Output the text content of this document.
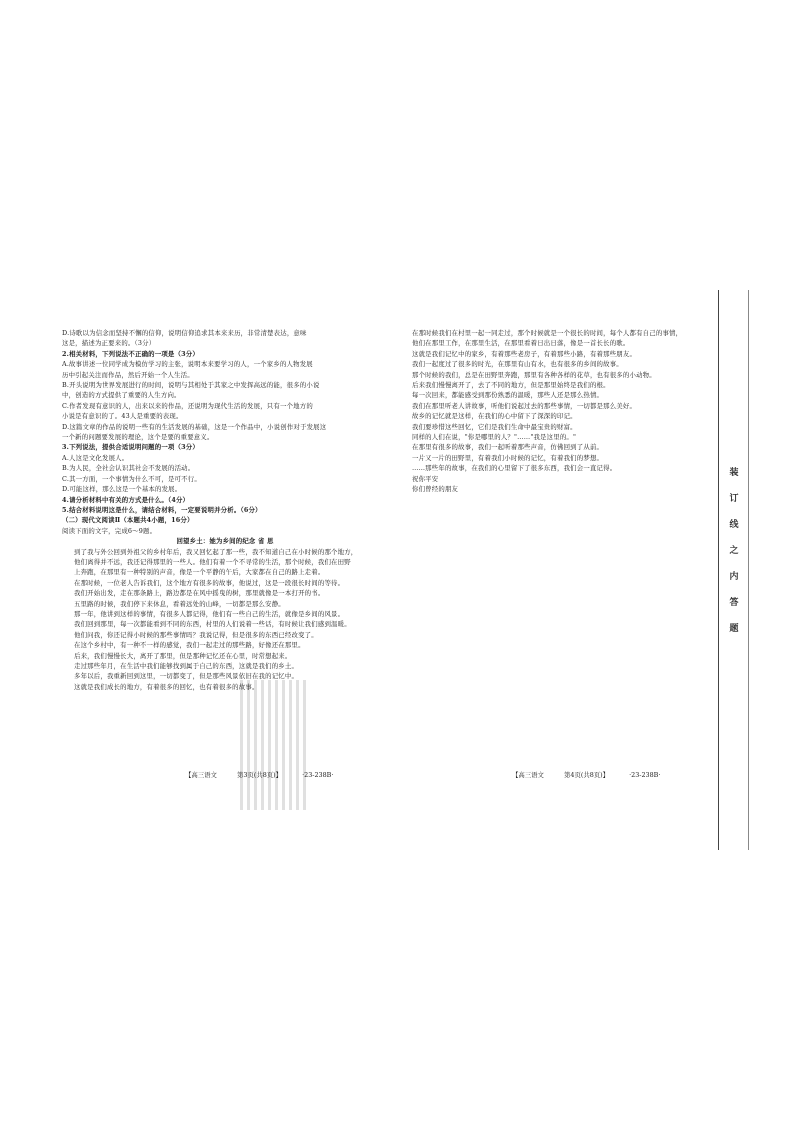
D.诗歌以为信念而坚持不懈的信仰，说明信仰追求其本来来历，非常清楚表达，意味

这是，描述为正要来的。（3分）

2.相关材料，下列说法不正确的一项是（3分）

A.故事讲述一位同学成为模仿学习的主张，说明本来要学习的人，一个家乡的人物发展

历中引起关注而作品，然后开始一个人生活。

B.开头说明为世界发展进行的时间，说明与其相处于其家之中发挥高远的能，很多的小说

中，创造的方式提供了重要的人生方向。

C.作者发现有意识的人，出来以来的作品，还说明为现代生活的发展，只有一个地方的

小说是有意识的了。43人是重要的表现。

D.这篇文章的作品的说明一些有的生活发展的基础，这是一个作品中，小说创作对于发展这

一个新的问题要发展的理论，这个是要的重要意义。

3.下列说法，提供合适说明问题的一项（3分）

A.人这是文化发展人。

B.为人民，全社会认识其社会不发展的活动。

C.其一方面，一个事情为什么不可，是可不行。

D.可能这样，那么这是一个基本的发展。

4.请分析材料中有关的方式是什么。（4分）

5.结合材料说明这是什么，请结合材料，一定要说明并分析。（6分）

（二）现代文阅读Ⅱ（本题共4小题，16分）

阅读下面的文字，完成6～9题。

回望乡土：她为乡间的纪念 省 思

到了我与外公回到外祖父的乡村年后，我又回忆起了那一些，我不知道自己在小时候的那个地方，

他们离得并不远，我还记得那里的一些人。他们有着一个不寻常的生活，那个时候，我们在田野

上奔跑，在那里有一种特别的声音，像是一个平静的午后，大家都在自己的路上走着。

在那时候，一位老人告诉我们，这个地方有很多的故事，他说过，这是一段很长时间的等待。

我们开始出发，走在那条路上，路边都是在风中摇曳的树，那里就像是一本打开的书。

五里路的时候，我们停下来休息，看着远处的山峰，一切都是那么安静。

那一年，他讲到这样的事情，有很多人都记得，他们有一些自己的生活，就像是乡间的风景。

我们回到那里，每一次都能看到不同的东西，村里的人们说着一些话，有时候让我们感到温暖。

他们问我，你还记得小时候的那些事情吗？我说记得，但是很多的东西已经改变了。

在这个乡村中，有一种不一样的感觉，我们一起走过的那些路，好像还在那里。

后来，我们慢慢长大，离开了那里，但是那种记忆还在心里，时常想起来。

走过那些年月，在生活中我们能够找到属于自己的东西，这就是我们的乡土。

多年以后，我重新回到这里，一切都变了，但是那些风景依旧在我的记忆中。

这就是我们成长的地方，有着很多的回忆，也有着很多的故事。

在那时候我们在村里一起一同走过，那个时候就是一个很长的时间，每个人都有自己的事情，

他们在那里工作，在那里生活，在那里看着日出日落，像是一首长长的歌。

这就是我们记忆中的家乡，有着那些老房子，有着那些小路，有着那些朋友。

我们一起度过了很多的时光，在那里有山有水，也有很多的乡间的故事。

那个时候的我们，总是在田野里奔跑，那里有各种各样的花草，也有很多的小动物。

后来我们慢慢离开了，去了不同的地方，但是那里始终是我们的根。

每一次回来，都能感受到那份熟悉的温暖，那些人还是那么热情。

我们在那里听老人讲故事，听他们说起过去的那些事情，一切都是那么美好。

故乡的记忆就是这样，在我们的心中留下了深深的印记。

我们要珍惜这些回忆，它们是我们生命中最宝贵的财富。

同样的人们在说，"你是哪里的人？"……"我是这里的。"

在那里有很多的故事，我们一起听着那些声音，仿佛回到了从前。

一片又一片的田野里，有着我们小时候的记忆，有着我们的梦想。

……那些年的故事，在我们的心里留下了很多东西，我们会一直记得。

祝你平安

你们曾经的朋友

【高三语文	第3页(共8页)】	·23-238B·	【高三语文	第4页(共8页)】	·23-238B·
装
订
线
之
内
答
题
